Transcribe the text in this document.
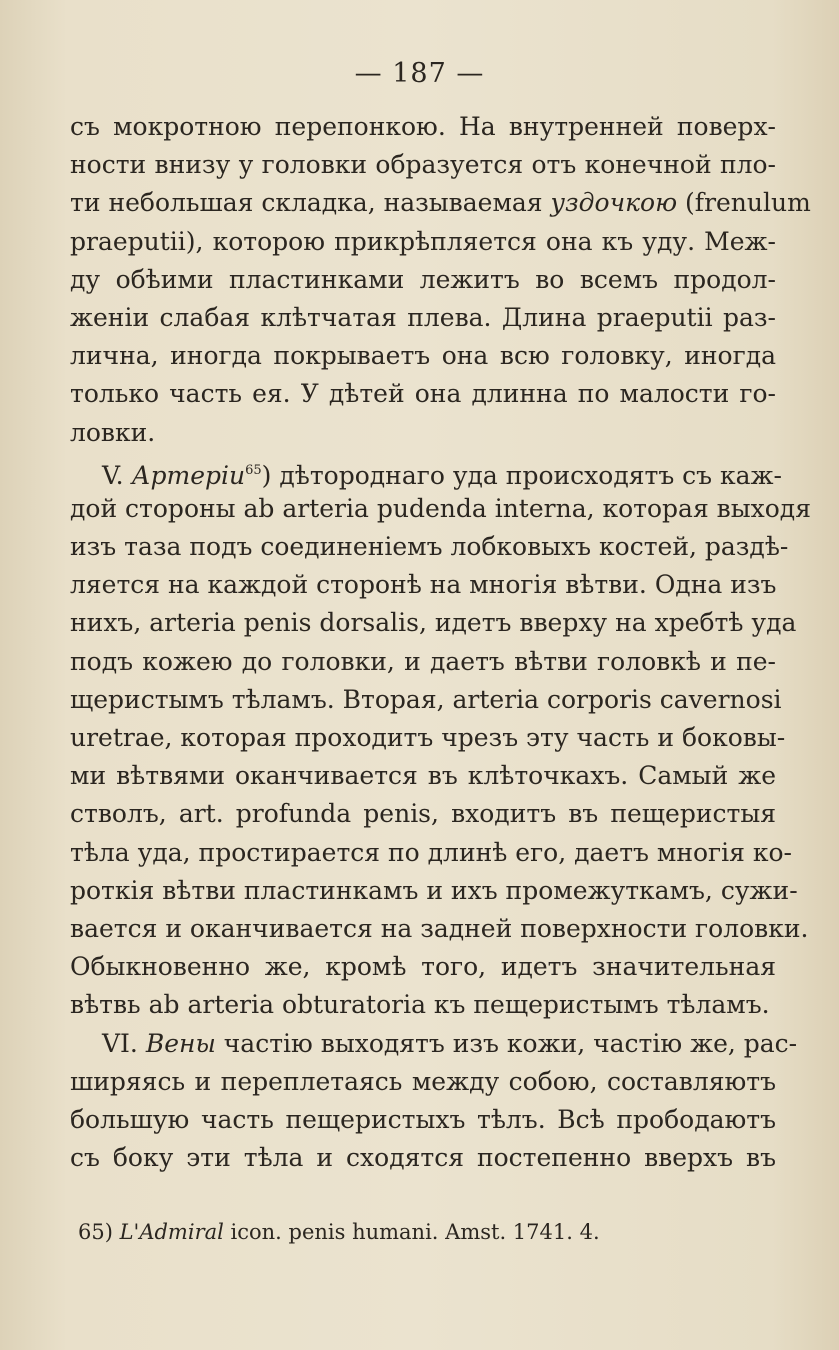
— 187 —
съ мокротною перепонкою. На внутренней поверх-
ности внизу у головки образуется отъ конечной пло-
ти небольшая складка, называемая уздочкою (frenulum
praeputii), которою прикрѣпляется она къ уду. Меж-
ду обѣими пластинками лежитъ во всемъ продол-
женіи слабая клѣтчатая плева. Длина praeputii раз-
лична, иногда покрываетъ она всю головку, иногда
только часть ея. У дѣтей она длинна по малости го-
ловки.
V. Артеріи$^{65}$) дѣтороднаго уда происходятъ съ каж-
дой стороны ab arteria pudenda interna, которая выходя
изъ таза подъ соединеніемъ лобковыхъ костей, раздѣ-
ляется на каждой сторонѣ на многія вѣтви. Одна изъ
нихъ, arteria penis dorsalis, идетъ вверху на хребтѣ уда
подъ кожею до головки, и даетъ вѣтви головкѣ и пе-
щеристымъ тѣламъ. Вторая, arteria corporis cavernosi
uretrae, которая проходитъ чрезъ эту часть и боковы-
ми вѣтвями оканчивается въ клѣточкахъ. Самый же
стволъ, art. profunda penis, входитъ въ пещеристыя
тѣла уда, простирается по длинѣ его, даетъ многія ко-
роткія вѣтви пластинкамъ и ихъ промежуткамъ, сужи-
вается и оканчивается на задней поверхности головки.
Обыкновенно же, кромѣ того, идетъ значительная
вѣтвь ab arteria obturatoria къ пещеристымъ тѣламъ.
VI. Вены частію выходятъ изъ кожи, частію же, рас-
ширяясь и переплетаясь между собою, составляютъ
большую часть пещеристыхъ тѣлъ. Всѣ прободаютъ
съ боку эти тѣла и сходятся постепенно вверхъ въ
65) L'Admiral icon. penis humani. Amst. 1741. 4.
